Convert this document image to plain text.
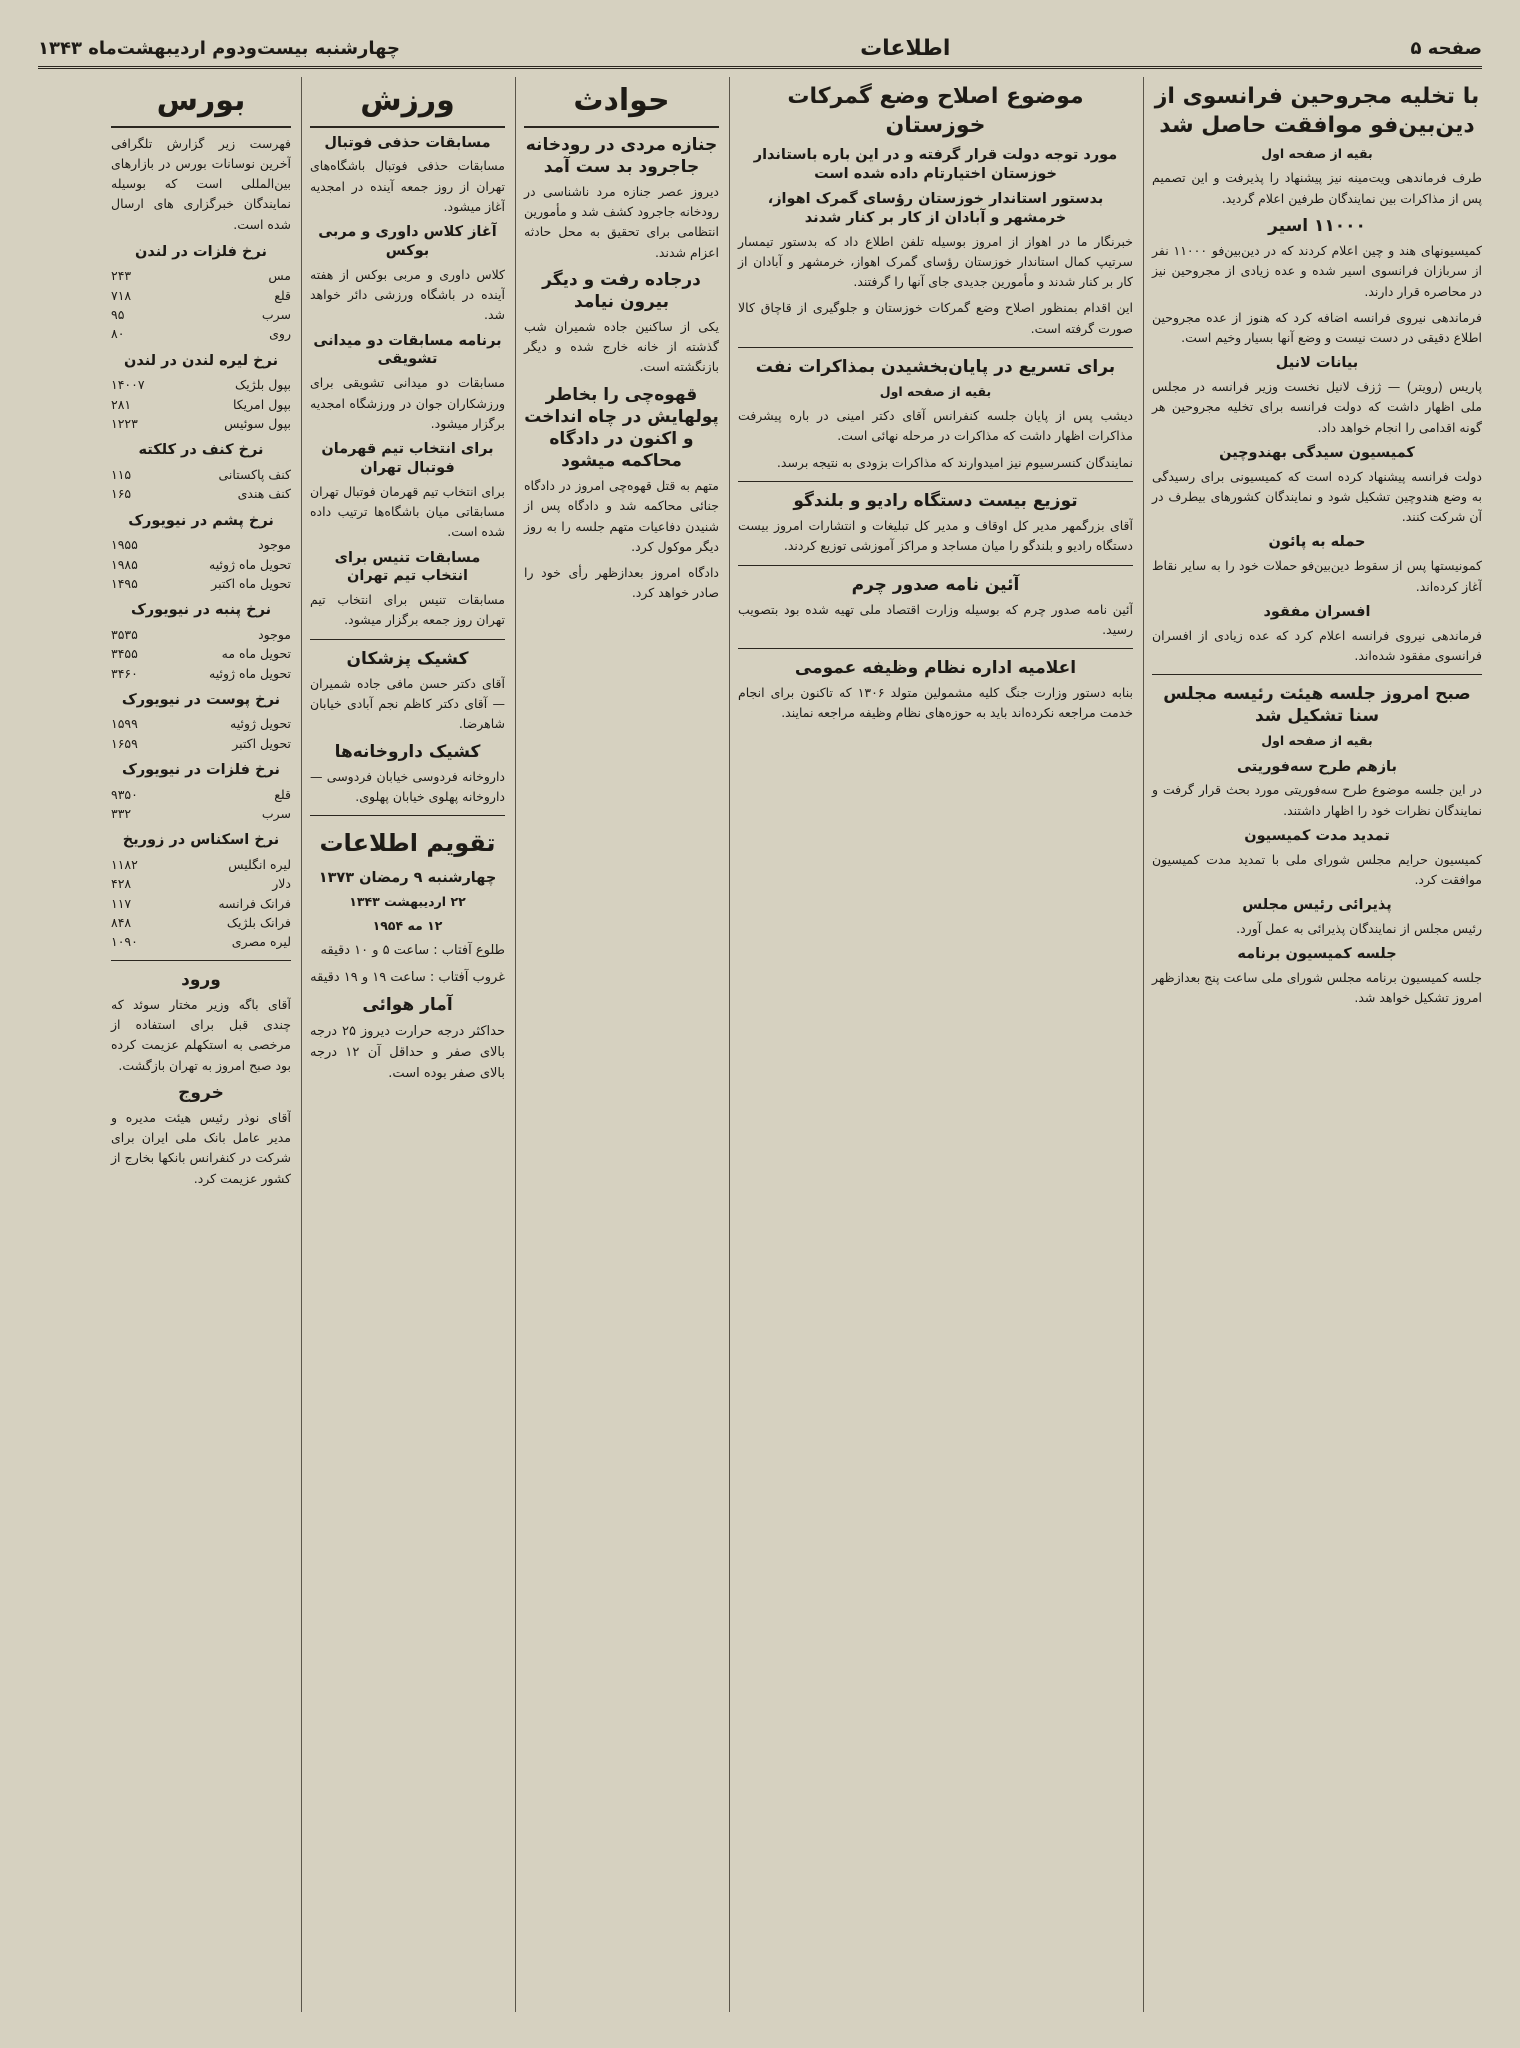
صفحه ۵
اطلاعات
چهارشنبه بیست‌ودوم اردیبهشت‌ماه ۱۳۴۳
با تخلیه مجروحین فرانسوی از دین‌بین‌فو موافقت حاصل شد
بقیه از صفحه اول

طرف فرماندهی ویت‌مینه نیز پیشنهاد را پذیرفت و این تصمیم پس از مذاکرات بین نمایندگان طرفین اعلام گردید.

۱۱۰۰۰ اسیر

کمیسیونهای هند و چین اعلام کردند که در دین‌بین‌فو ۱۱۰۰۰ نفر از سربازان فرانسوی اسیر شده و عده زیادی از مجروحین نیز در محاصره قرار دارند.

فرماندهی نیروی فرانسه اضافه کرد که هنوز از عده مجروحین اطلاع دقیقی در دست نیست و وضع آنها بسیار وخیم است.

بیانات لانیل

پاریس (رویتر) — ژزف لانیل نخست وزیر فرانسه در مجلس ملی اظهار داشت که دولت فرانسه برای تخلیه مجروحین هر گونه اقدامی را انجام خواهد داد.

کمیسیون سیدگی بهندوچین

دولت فرانسه پیشنهاد کرده است که کمیسیونی برای رسیدگی به وضع هندوچین تشکیل شود و نمایندگان کشورهای بیطرف در آن شرکت کنند.

حمله به پائون

کمونیستها پس از سقوط دین‌بین‌فو حملات خود را به سایر نقاط آغاز کرده‌اند.

افسران مفقود

فرماندهی نیروی فرانسه اعلام کرد که عده زیادی از افسران فرانسوی مفقود شده‌اند.

صبح امروز جلسه هیئت رئیسه مجلس سنا تشکیل شد
بقیه از صفحه اول
بازهم طرح سه‌فوریتی

در این جلسه موضوع طرح سه‌فوریتی مورد بحث قرار گرفت و نمایندگان نظرات خود را اظهار داشتند.

تمدید مدت کمیسیون

کمیسیون حرایم مجلس شورای ملی با تمدید مدت کمیسیون موافقت کرد.

پذیرائی رئیس مجلس

رئیس مجلس از نمایندگان پذیرائی به عمل آورد.

جلسه کمیسیون برنامه

جلسه کمیسیون برنامه مجلس شورای ملی ساعت پنج بعدازظهر امروز تشکیل خواهد شد.

موضوع اصلاح وضع گمرکات خوزستان
مورد توجه دولت قرار گرفته و در این باره باستاندار خوزستان اختیارتام داده شده است
بدستور استاندار خوزستان رؤسای گمرک اهواز، خرمشهر و آبادان از کار بر کنار شدند

خبرنگار ما در اهواز از امروز بوسیله تلفن اطلاع داد که بدستور تیمسار سرتیپ کمال استاندار خوزستان رؤسای گمرک اهواز، خرمشهر و آبادان از کار بر کنار شدند و مأمورین جدیدی جای آنها را گرفتند.

این اقدام بمنظور اصلاح وضع گمرکات خوزستان و جلوگیری از قاچاق کالا صورت گرفته است.

برای تسریع در پایان‌بخشیدن بمذاکرات نفت
بقیه از صفحه اول

دیشب پس از پایان جلسه کنفرانس آقای دکتر امینی در باره پیشرفت مذاکرات اظهار داشت که مذاکرات در مرحله نهائی است.

نمایندگان کنسرسیوم نیز امیدوارند که مذاکرات بزودی به نتیجه برسد.

توزیع بیست دستگاه رادیو و بلندگو

آقای بزرگمهر مدیر کل اوقاف و مدیر کل تبلیغات و انتشارات امروز بیست دستگاه رادیو و بلندگو را میان مساجد و مراکز آموزشی توزیع کردند.

آئین نامه صدور چرم

آئین نامه صدور چرم که بوسیله وزارت اقتصاد ملی تهیه شده بود بتصویب رسید.

اعلامیه اداره نظام وظیفه عمومی

بنابه دستور وزارت جنگ کلیه مشمولین متولد ۱۳۰۶ که تاکنون برای انجام خدمت مراجعه نکرده‌اند باید به حوزه‌های نظام وظیفه مراجعه نمایند.

حوادث
جنازه مردی در رودخانه جاجرود بد ست آمد

دیروز عصر جنازه مرد ناشناسی در رودخانه جاجرود کشف شد و مأمورین انتظامی برای تحقیق به محل حادثه اعزام شدند.

درجاده رفت و دیگر بیرون نیامد

یکی از ساکنین جاده شمیران شب گذشته از خانه خارج شده و دیگر بازنگشته است.

قهوه‌چی را بخاطر پولهایش در چاه انداخت و اکنون در دادگاه محاکمه میشود

متهم به قتل قهوه‌چی امروز در دادگاه جنائی محاکمه شد و دادگاه پس از شنیدن دفاعیات متهم جلسه را به روز دیگر موکول کرد.

دادگاه امروز بعدازظهر رأی خود را صادر خواهد کرد.

ورزش
مسابقات حذفی فوتبال

مسابقات حذفی فوتبال باشگاه‌های تهران از روز جمعه آینده در امجدیه آغاز میشود.

آغاز کلاس داوری و مربی بوکس

کلاس داوری و مربی بوکس از هفته آینده در باشگاه ورزشی دائر خواهد شد.

برنامه مسابقات دو میدانی تشویقی

مسابقات دو میدانی تشویقی برای ورزشکاران جوان در ورزشگاه امجدیه برگزار میشود.

برای انتخاب تیم قهرمان فوتبال تهران

برای انتخاب تیم قهرمان فوتبال تهران مسابقاتی میان باشگاه‌ها ترتیب داده شده است.

مسابقات تنیس برای انتخاب تیم تهران

مسابقات تنیس برای انتخاب تیم تهران روز جمعه برگزار میشود.

کشیک پزشکان

آقای دکتر حسن مافی جاده شمیران — آقای دکتر کاظم نجم آبادی خیابان شاهرضا.

کشیک داروخانه‌ها

داروخانه فردوسی خیابان فردوسی — داروخانه پهلوی خیابان پهلوی.

تقویم اطلاعات
چهارشنبه ۹ رمضان ۱۳۷۳
۲۲ اردیبهشت ۱۳۴۳
۱۲ مه ۱۹۵۴

طلوع آفتاب : ساعت ۵ و ۱۰ دقیقه

غروب آفتاب : ساعت ۱۹ و ۱۹ دقیقه

آمار هوائی

حداکثر درجه حرارت دیروز ۲۵ درجه بالای صفر و حداقل آن ۱۲ درجه بالای صفر بوده است.

بورس

فهرست زیر گزارش تلگرافی آخرین نوسانات بورس در بازارهای بین‌المللی است که بوسیله نمایندگان خبرگزاری های ارسال شده است.

نرخ فلزات در لندن
مس
۲۴۳
قلع
۷۱۸
سرب
۹۵
روی
۸۰
نرخ لیره لندن در لندن
بپول بلژیک
۱۴۰۰۷
بپول امریکا
۲۸۱
بپول سوئیس
۱۲۲۳
نرخ کنف در کلکته
کنف پاکستانی
۱۱۵
کنف هندی
۱۶۵
نرخ پشم در نیویورک
موجود
۱۹۵۵
تحویل ماه ژوئیه
۱۹۸۵
تحویل ماه اکتبر
۱۴۹۵
نرخ پنبه در نیویورک
موجود
۳۵۳۵
تحویل ماه مه
۳۴۵۵
تحویل ماه ژوئیه
۳۴۶۰
نرخ پوست در نیویورک
تحویل ژوئیه
۱۵۹۹
تحویل اکتبر
۱۶۵۹
نرخ فلزات در نیویورک
قلع
۹۳۵۰
سرب
۳۳۲
نرخ اسکناس در زوریخ
لیره انگلیس
۱۱۸۲
دلار
۴۲۸
فرانک فرانسه
۱۱۷
فرانک بلژیک
۸۴۸
لیره مصری
۱۰۹۰
ورود

آقای باگه وزیر مختار سوئد که چندی قبل برای استفاده از مرخصی به استکهلم عزیمت کرده بود صبح امروز به تهران بازگشت.

خروج

آقای نوذر رئیس هیئت مدیره و مدیر عامل بانک ملی ایران برای شرکت در کنفرانس بانکها بخارج از کشور عزیمت کرد.
